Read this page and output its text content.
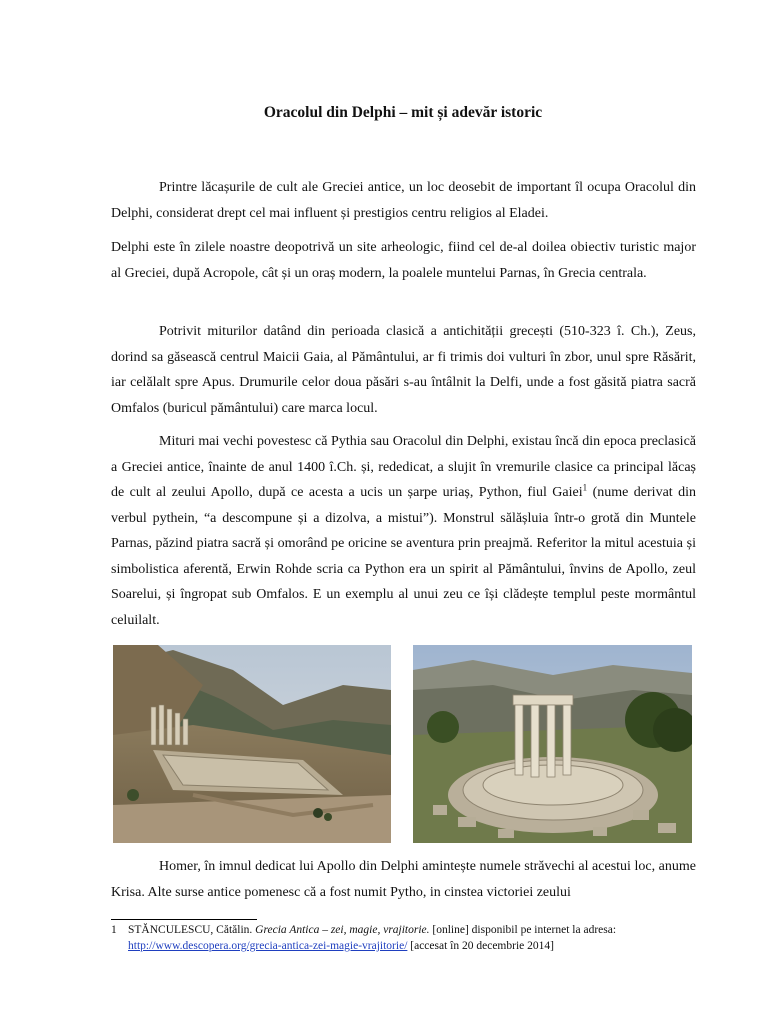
Oracolul din Delphi – mit și adevăr istoric

Printre lăcașurile de cult ale Greciei antice, un loc deosebit de important îl ocupa Oracolul din Delphi, considerat drept cel mai influent și prestigios centru religios al Eladei.

Delphi este în zilele noastre deopotrivă un site arheologic, fiind cel de-al doilea obiectiv turistic major al Greciei, după Acropole, cât și un oraș modern, la poalele muntelui Parnas, în Grecia centrala.

Potrivit miturilor datând din perioada clasică a antichității grecești (510-323 î. Ch.), Zeus, dorind sa găsească centrul Maicii Gaia, al Pământului, ar fi trimis doi vulturi în zbor, unul spre Răsărit, iar celălalt spre Apus. Drumurile celor doua păsări s-au întâlnit la Delfi, unde a fost găsită piatra sacră Omfalos (buricul pământului) care marca locul.

Mituri mai vechi povestesc că Pythia sau Oracolul din Delphi, existau încă din epoca preclasică a Greciei antice, înainte de anul 1400 î.Ch. și, rededicat, a slujit în vremurile clasice ca principal lăcaș de cult al zeului Apollo, după ce acesta a ucis un șarpe uriaș, Python, fiul Gaiei$^1$ (nume derivat din verbul pythein, “a descompune și a dizolva, a mistui”). Monstrul sălășluia într-o grotă din Muntele Parnas, păzind piatra sacră și omorând pe oricine se aventura prin preajmă. Referitor la mitul acestuia și simbolistica aferentă, Erwin Rohde scria ca Python era un spirit al Pământului, învins de Apollo, zeul Soarelui, și îngropat sub Omfalos. E un exemplu al unui zeu ce își clădește templul peste mormântul celuilalt.

Homer, în imnul dedicat lui Apollo din Delphi amintește numele străvechi al acestui loc, anume Krisa. Alte surse antice pomenesc că a fost numit Pytho, in cinstea victoriei zeului

1 STĂNCULESCU, Cătălin. Grecia Antica – zei, magie, vrajitorie. [online] disponibil pe internet la adresa:
http://www.descopera.org/grecia-antica-zei-magie-vrajitorie/ [accesat în 20 decembrie 2014]
